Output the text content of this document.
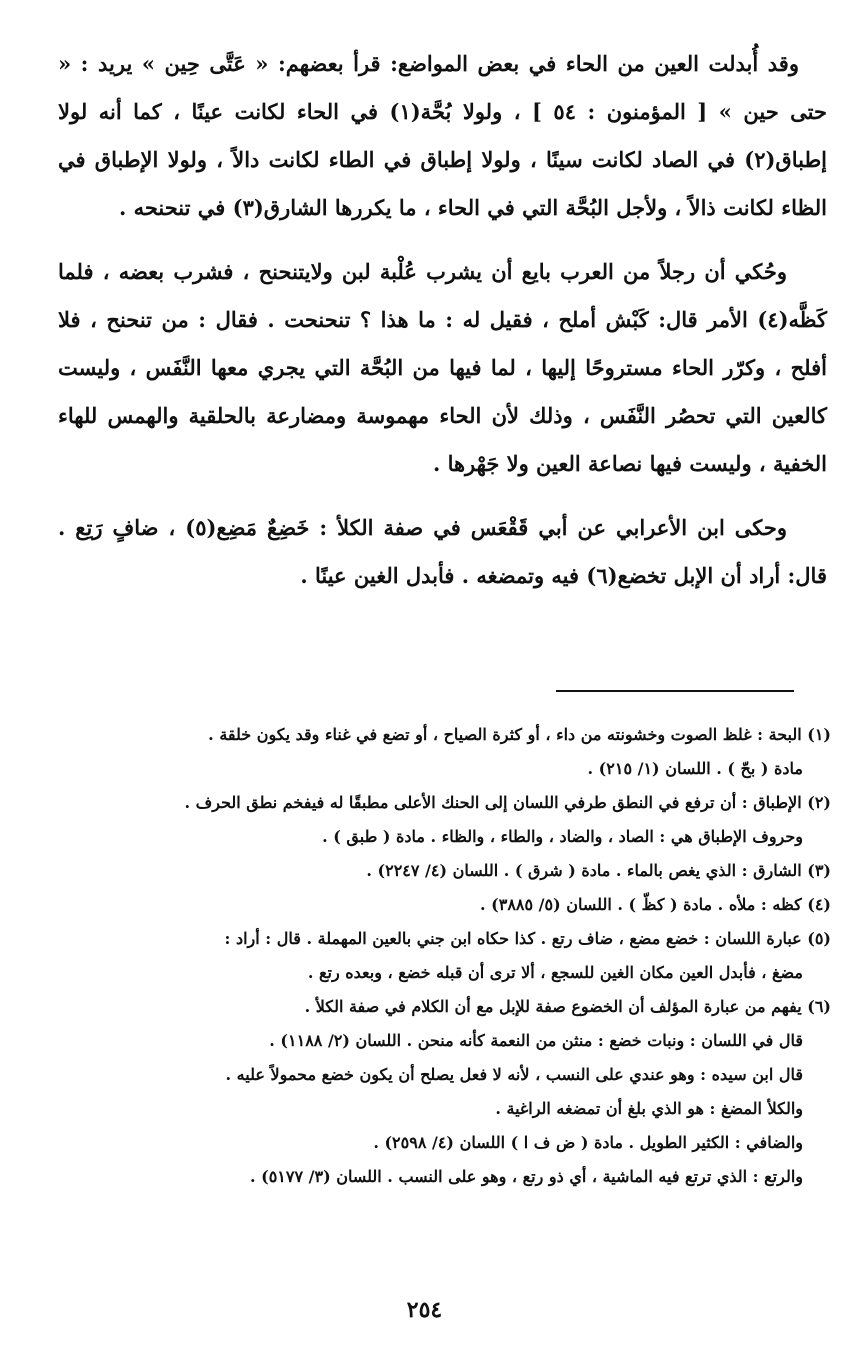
وقد أُبدلت العين من الحاء في بعض المواضع: قرأ بعضهم: « عَتَّى حِين » يريد : « حتى حين » [ المؤمنون : ٥٤ ] ، ولولا بُحَّة(١) في الحاء لكانت عينًا ، كما أنه لولا إطباق(٢) في الصاد لكانت سينًا ، ولولا إطباق في الطاء لكانت دالاً ، ولولا الإطباق في الظاء لكانت ذالاً ، ولأجل البُحَّة التي في الحاء ، ما يكررها الشارق(٣) في تنحنحه .

وحُكي أن رجلاً من العرب بايع أن يشرب عُلْبة لبن ولايتنحنح ، فشرب بعضه ، فلما كَظَّه(٤) الأمر قال: كَبْش أملح ، فقيل له : ما هذا ؟ تنحنحت . فقال : من تنحنح ، فلا أفلح ، وكرّر الحاء مستروحًا إليها ، لما فيها من البُحَّة التي يجري معها النَّفَس ، وليست كالعين التي تحصُر النَّفَس ، وذلك لأن الحاء مهموسة ومضارعة بالحلقية والهمس للهاء الخفية ، وليست فيها نصاعة العين ولا جَهْرها .

وحكى ابن الأعرابي عن أبي قَقْعَس في صفة الكلأ : خَضِعٌ مَضِع(٥) ، ضافٍ رَتِع . قال: أراد أن الإبل تخضع(٦) فيه وتمضغه . فأبدل الغين عينًا .

(١) البحة : غلظ الصوت وخشونته من داء ، أو كثرة الصياح ، أو تضع في غناء وقد يكون خلقة .
مادة ( بحّ ) . اللسان (١/ ٢١٥) .
(٢) الإطباق : أن ترفع في النطق طرفي اللسان إلى الحنك الأعلى مطبقًا له فيفخم نطق الحرف .
وحروف الإطباق هي : الصاد ، والضاد ، والطاء ، والظاء . مادة ( طبق ) .
(٣) الشارق : الذي يغص بالماء . مادة ( شرق ) . اللسان (٤/ ٢٢٤٧) .
(٤) كظه : ملأه . مادة ( كظّ ) . اللسان (٥/ ٣٨٨٥) .
(٥) عبارة اللسان : خضع مضع ، ضاف رتع . كذا حكاه ابن جني بالعين المهملة . قال : أراد :
مضغ ، فأبدل العين مكان الغين للسجع ، ألا ترى أن قبله خضع ، وبعده رتع .
(٦) يفهم من عبارة المؤلف أن الخضوع صفة للإبل مع أن الكلام في صفة الكلأ .
قال في اللسان : ونبات خضع : منثن من النعمة كأنه منحن . اللسان (٢/ ١١٨٨) .
قال ابن سيده : وهو عندي على النسب ، لأنه لا فعل يصلح أن يكون خضع محمولاً عليه .
والكلأ المضغ : هو الذي بلغ أن تمضغه الراغية .
والضافي : الكثير الطويل . مادة ( ض ف ا ) اللسان (٤/ ٢٥٩٨) .
والرتع : الذي ترتع فيه الماشية ، أي ذو رتع ، وهو على النسب . اللسان (٣/ ٥١٧٧) .
٢٥٤
